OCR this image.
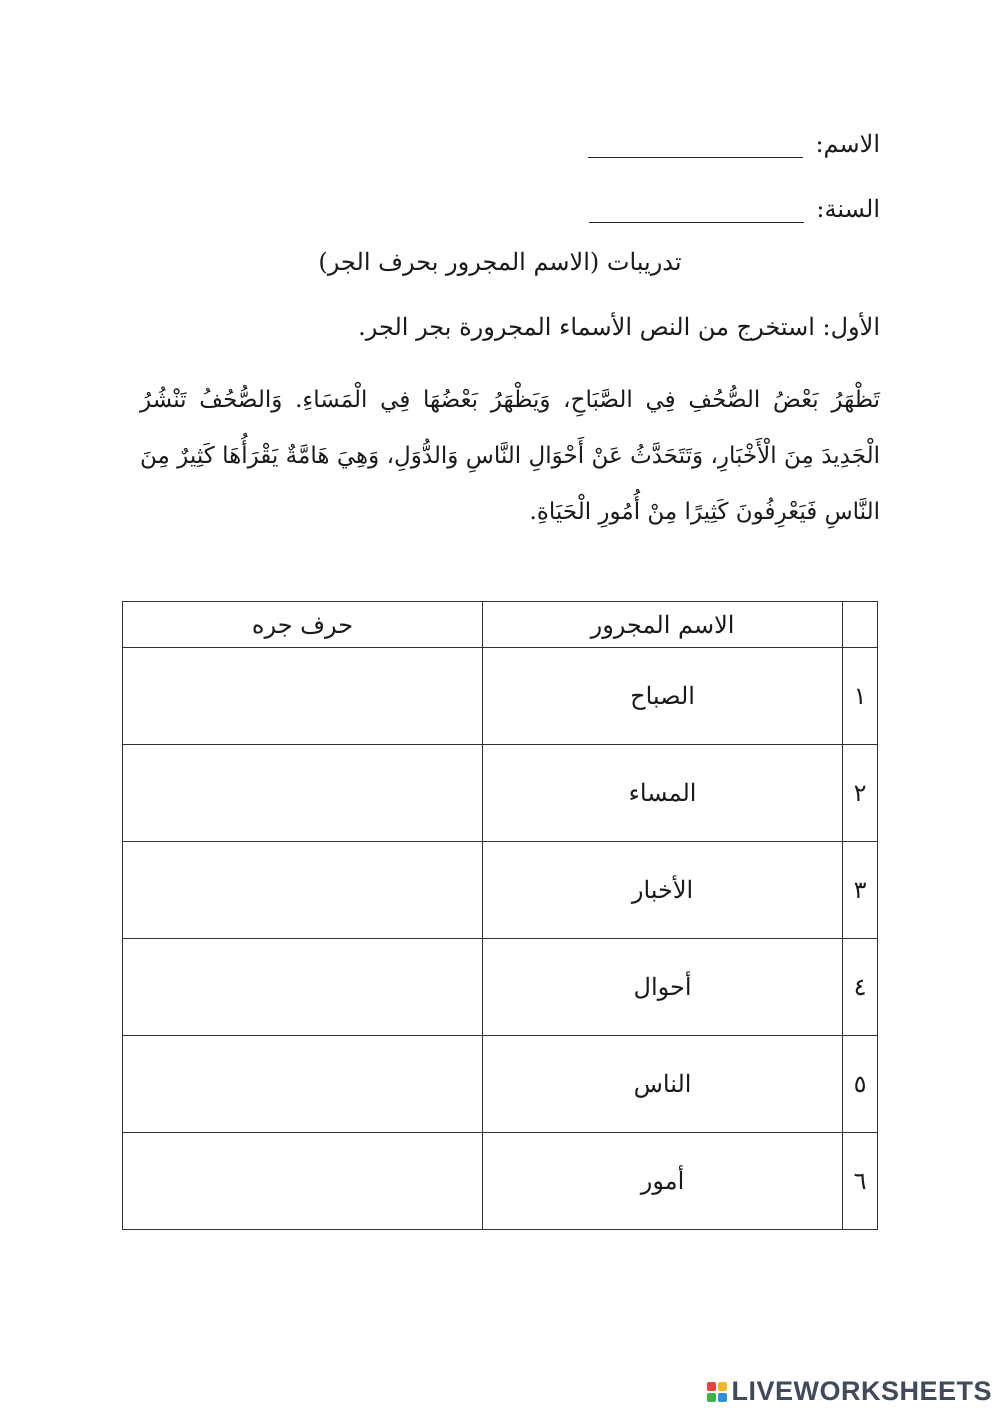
الاسم:
السنة:
تدريبات (الاسم المجرور بحرف الجر)
الأول: استخرج من النص الأسماء المجرورة بجر الجر.
تَظْهَرُ بَعْضُ الصُّحُفِ فِي الصَّبَاحِ، وَيَظْهَرُ بَعْضُهَا فِي الْمَسَاءِ. وَالصُّحُفُ تَنْشُرُ الْجَدِيدَ مِنَ الْأَخْبَارِ، وَتَتَحَدَّثُ عَنْ أَحْوَالِ النَّاسِ وَالدُّوَلِ، وَهِيَ هَامَّةٌ يَقْرَأُهَا كَثِيرٌ مِنَ النَّاسِ فَيَعْرِفُونَ كَثِيرًا مِنْ أُمُورِ الْحَيَاةِ.
	الاسم المجرور	حرف جره
١	الصباح	
٢	المساء	
٣	الأخبار	
٤	أحوال	
٥	الناس	
٦	أمور	
LIVEWORKSHEETS
